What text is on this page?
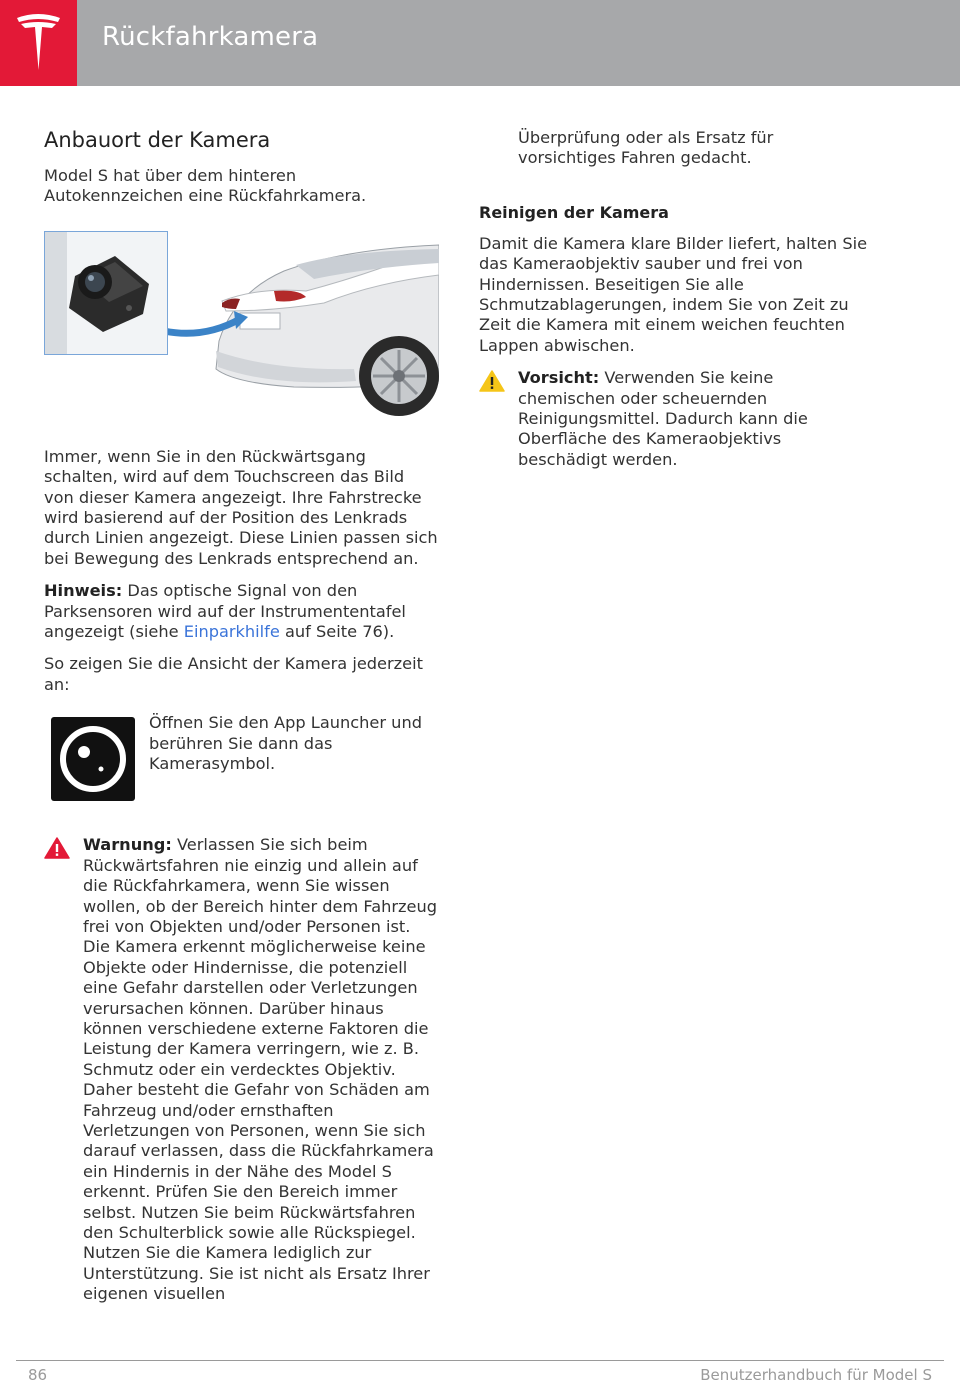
Rückfahrkamera
Anbauort der Kamera

Model S hat über dem hinteren Autokennzeichen eine Rückfahrkamera.

Immer, wenn Sie in den Rückwärtsgang schalten, wird auf dem Touchscreen das Bild von dieser Kamera angezeigt. Ihre Fahrstrecke wird basierend auf der Position des Lenkrads durch Linien angezeigt. Diese Linien passen sich bei Bewegung des Lenkrads entsprechend an.

Hinweis: Das optische Signal von den Parksensoren wird auf der Instrumententafel angezeigt (siehe Einparkhilfe auf Seite 76).

So zeigen Sie die Ansicht der Kamera jederzeit an:

Öffnen Sie den App Launcher und berühren Sie dann das Kamerasymbol.

Warnung: Verlassen Sie sich beim Rückwärtsfahren nie einzig und allein auf die Rückfahrkamera, wenn Sie wissen wollen, ob der Bereich hinter dem Fahrzeug frei von Objekten und/oder Personen ist. Die Kamera erkennt möglicherweise keine Objekte oder Hindernisse, die potenziell eine Gefahr darstellen oder Verletzungen verursachen können. Darüber hinaus können verschiedene externe Faktoren die Leistung der Kamera verringern, wie z. B. Schmutz oder ein verdecktes Objektiv. Daher besteht die Gefahr von Schäden am Fahrzeug und/oder ernsthaften Verletzungen von Personen, wenn Sie sich darauf verlassen, dass die Rückfahrkamera ein Hindernis in der Nähe des Model S erkennt. Prüfen Sie den Bereich immer selbst. Nutzen Sie beim Rückwärtsfahren den Schulterblick sowie alle Rückspiegel. Nutzen Sie die Kamera lediglich zur Unterstützung. Sie ist nicht als Ersatz Ihrer eigenen visuellen

Überprüfung oder als Ersatz für vorsichtiges Fahren gedacht.

Reinigen der Kamera

Damit die Kamera klare Bilder liefert, halten Sie das Kameraobjektiv sauber und frei von Hindernissen. Beseitigen Sie alle Schmutzablagerungen, indem Sie von Zeit zu Zeit die Kamera mit einem weichen feuchten Lappen abwischen.

Vorsicht: Verwenden Sie keine chemischen oder scheuernden Reinigungsmittel. Dadurch kann die Oberfläche des Kameraobjektivs beschädigt werden.

86	Benutzerhandbuch für Model S
